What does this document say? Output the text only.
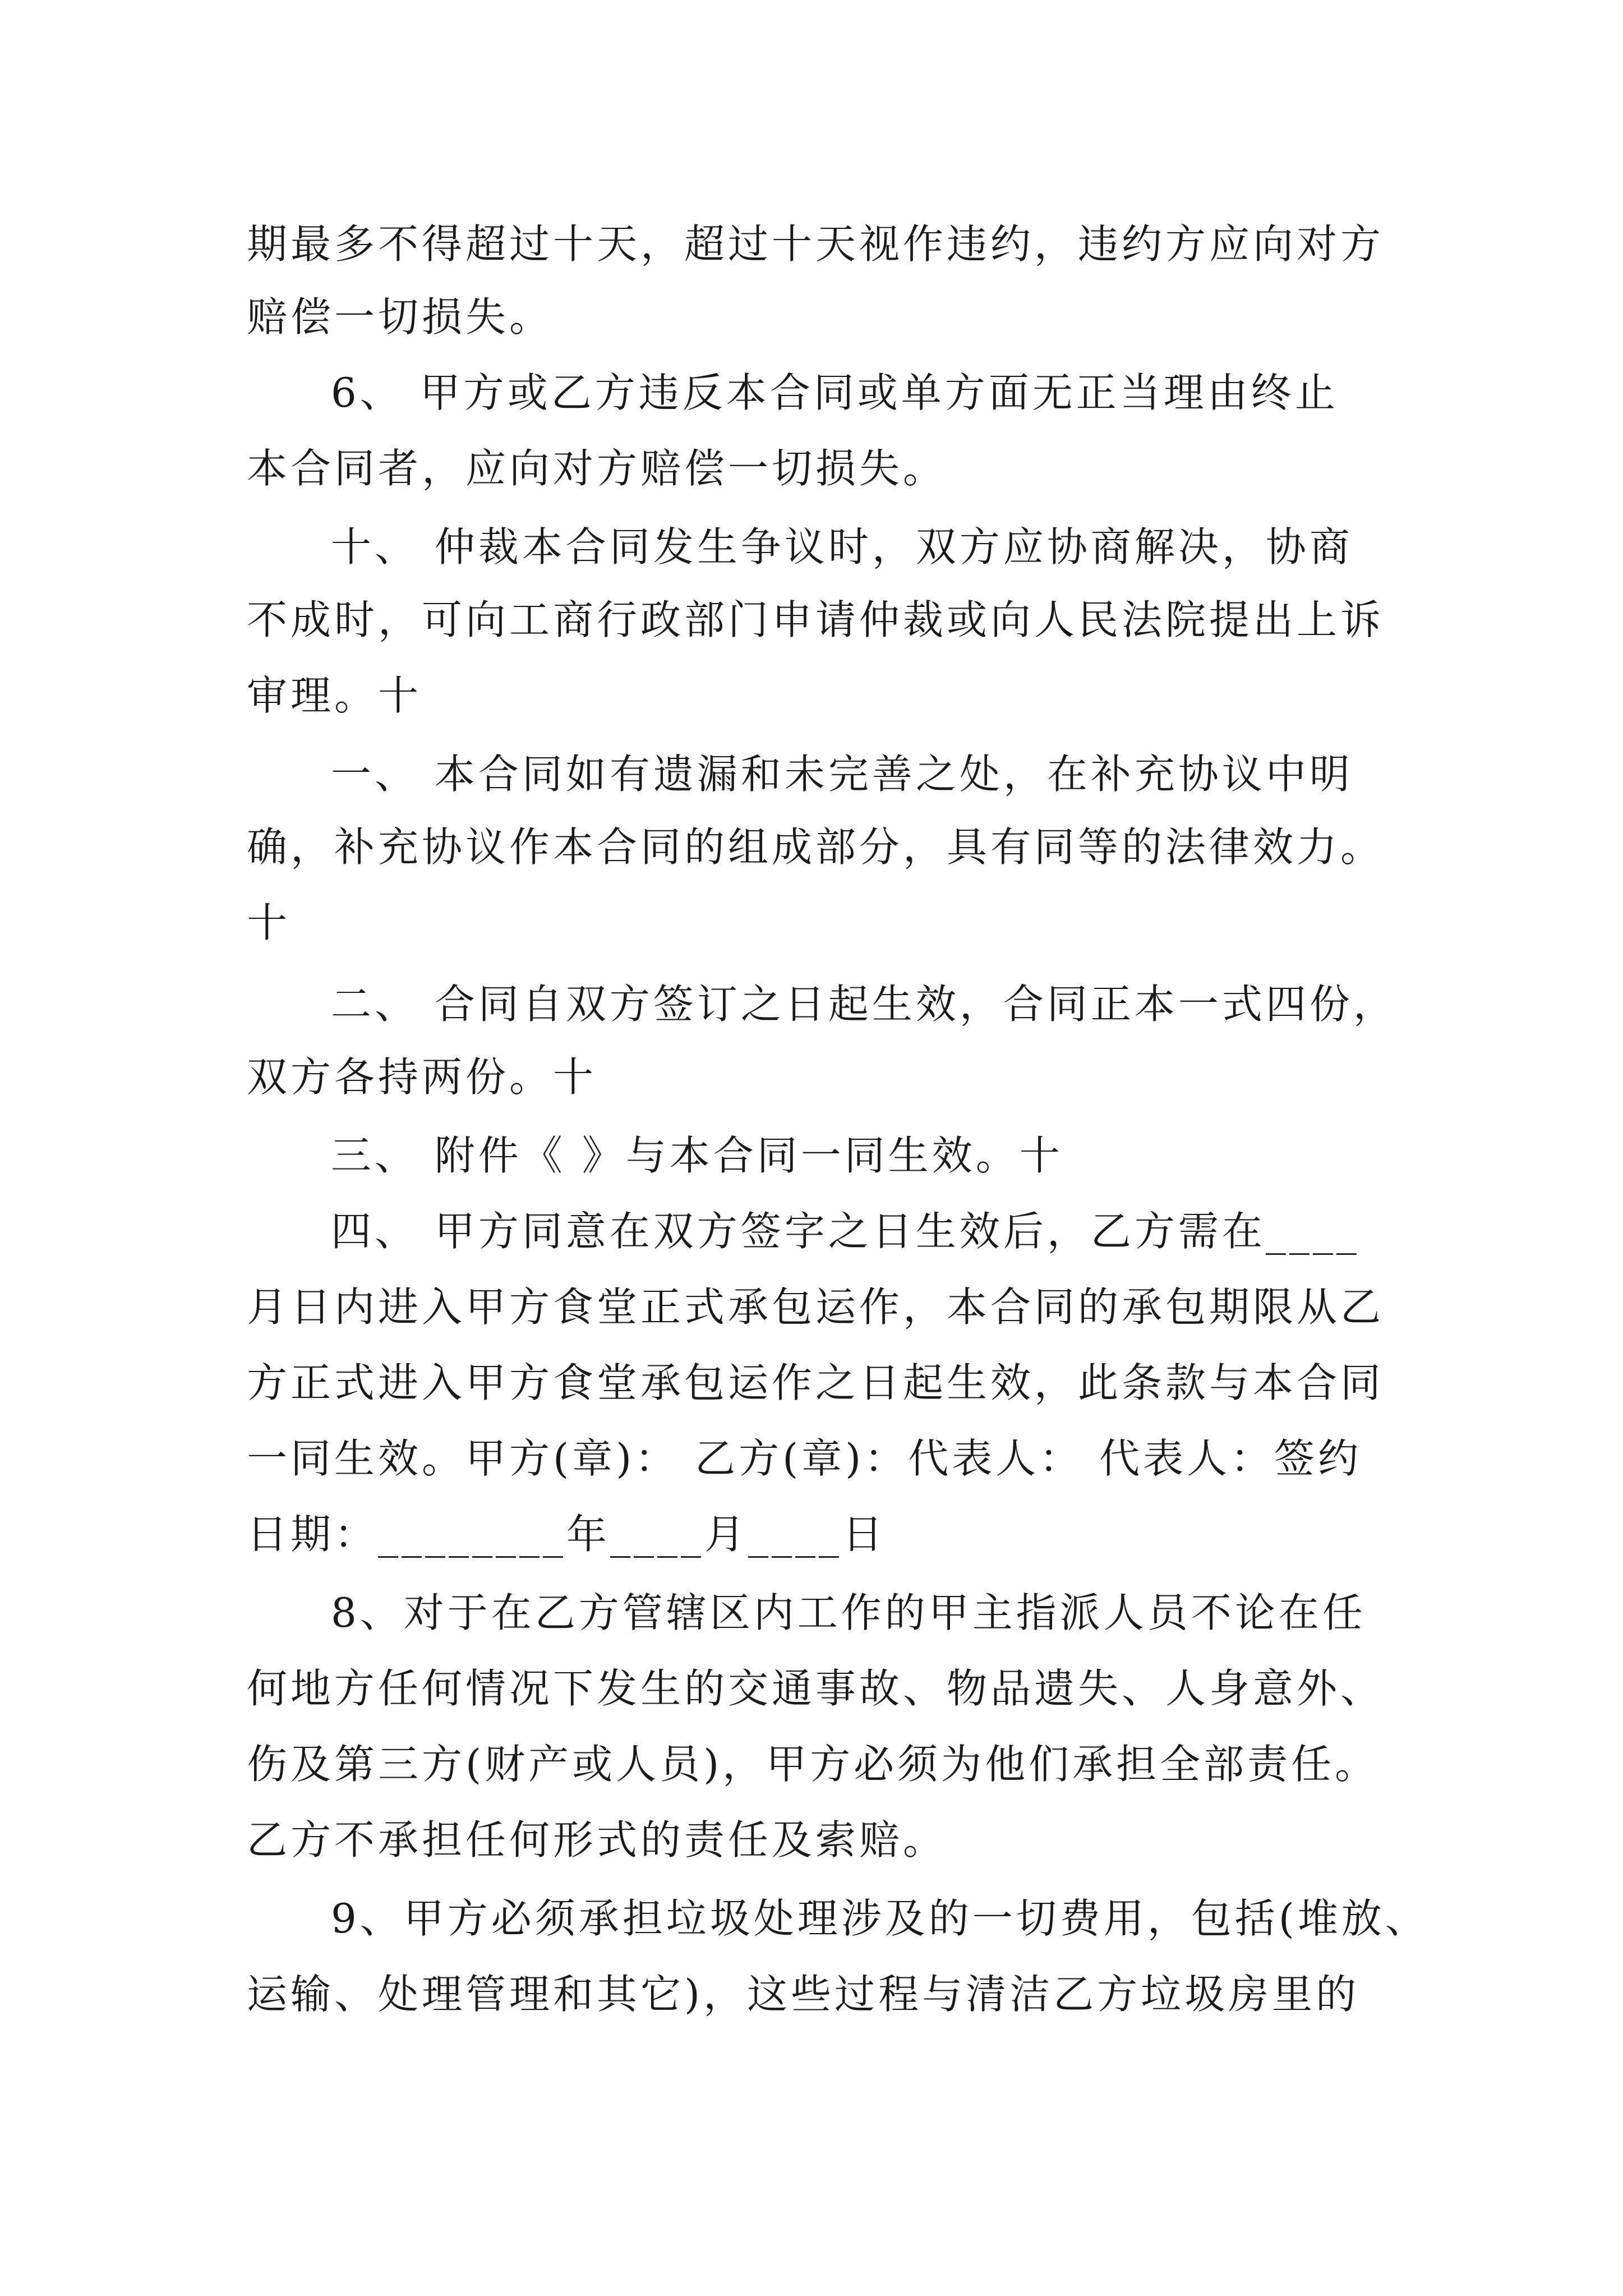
期最多不得超过十天，超过十天视作违约，违约方应向对方

赔偿一切损失。

6、 甲方或乙方违反本合同或单方面无正当理由终止

本合同者，应向对方赔偿一切损失。

十、 仲裁本合同发生争议时，双方应协商解决，协商

不成时，可向工商行政部门申请仲裁或向人民法院提出上诉

审理。十

一、 本合同如有遗漏和未完善之处，在补充协议中明

确，补充协议作本合同的组成部分，具有同等的法律效力。

十

二、 合同自双方签订之日起生效，合同正本一式四份，

双方各持两份。十

三、 附件《 》与本合同一同生效。十

四、 甲方同意在双方签字之日生效后，乙方需在____

月日内进入甲方食堂正式承包运作，本合同的承包期限从乙

方正式进入甲方食堂承包运作之日起生效，此条款与本合同

一同生效。甲方(章)： 乙方(章)：代表人： 代表人：签约

日期：________年____月____日

8、对于在乙方管辖区内工作的甲主指派人员不论在任

何地方任何情况下发生的交通事故、物品遗失、人身意外、

伤及第三方(财产或人员)，甲方必须为他们承担全部责任。

乙方不承担任何形式的责任及索赔。

9、甲方必须承担垃圾处理涉及的一切费用，包括(堆放、

运输、处理管理和其它)，这些过程与清洁乙方垃圾房里的
